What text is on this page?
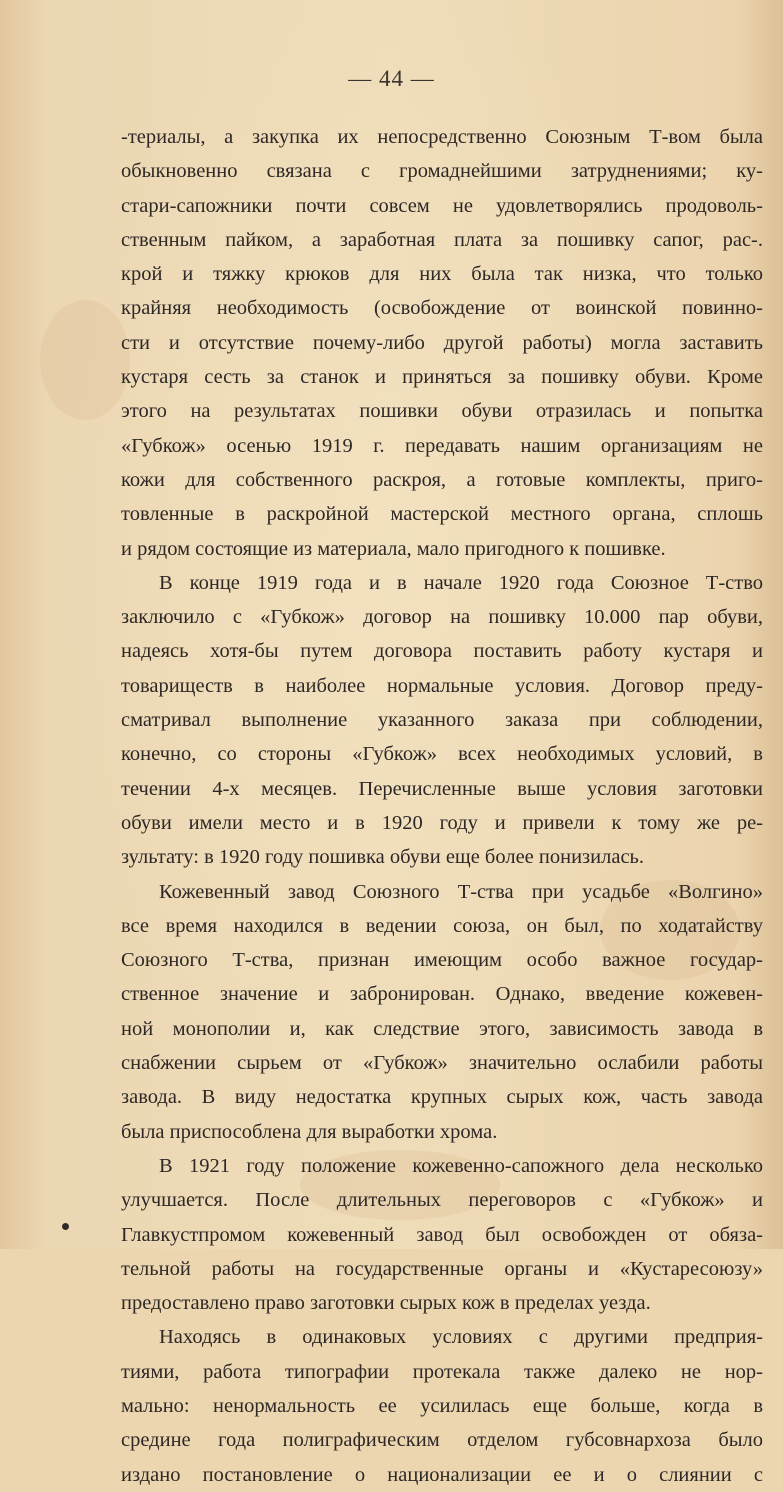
— 44 —
-териалы, а закупка их непосредственно Союзным Т-вом была
обыкновенно связана с громаднейшими затруднениями; ку-
стари-сапожники почти совсем не удовлетворялись продоволь-
ственным пайком, а заработная плата за пошивку сапог, рас-.
крой и тяжку крюков для них была так низка, что только
крайняя необходимость (освобождение от воинской повинно-
сти и отсутствие почему-либо другой работы) могла заставить
кустаря сесть за станок и приняться за пошивку обуви. Кроме
этого на результатах пошивки обуви отразилась и попытка
«Губкож» осенью 1919 г. передавать нашим организациям не
кожи для собственного раскроя, а готовые комплекты, приго-
товленные в раскройной мастерской местного органа, сплошь
и рядом состоящие из материала, мало пригодного к пошивке.
В конце 1919 года и в начале 1920 года Союзное Т-ство
заключило с «Губкож» договор на пошивку 10.000 пар обуви,
надеясь хотя-бы путем договора поставить работу кустаря и
товариществ в наиболее нормальные условия. Договор преду-
сматривал выполнение указанного заказа при соблюдении,
конечно, со стороны «Губкож» всех необходимых условий, в
течении 4-х месяцев. Перечисленные выше условия заготовки
обуви имели место и в 1920 году и привели к тому же ре-
зультату: в 1920 году пошивка обуви еще более понизилась.
Кожевенный завод Союзного Т-ства при усадьбе «Волгино»
все время находился в ведении союза, он был, по ходатайству
Союзного Т-ства, признан имеющим особо важное государ-
ственное значение и забронирован. Однако, введение кожевен-
ной монополии и, как следствие этого, зависимость завода в
снабжении сырьем от «Губкож» значительно ослабили работы
завода. В виду недостатка крупных сырых кож, часть завода
была приспособлена для выработки хрома.
В 1921 году положение кожевенно-сапожного дела несколько
улучшается. После длительных переговоров с «Губкож» и
Главкустпромом кожевенный завод был освобожден от обяза-
тельной работы на государственные органы и «Кустаресоюзу»
предоставлено право заготовки сырых кож в пределах уезда.
Находясь в одинаковых условиях с другими предприя-
тиями, работа типографии протекала также далеко не нор-
мально: ненормальность ее усилилась еще больше, когда в
средине года полиграфическим отделом губсовнархоза было
издано постановление о национализации ее и о слиянии с
